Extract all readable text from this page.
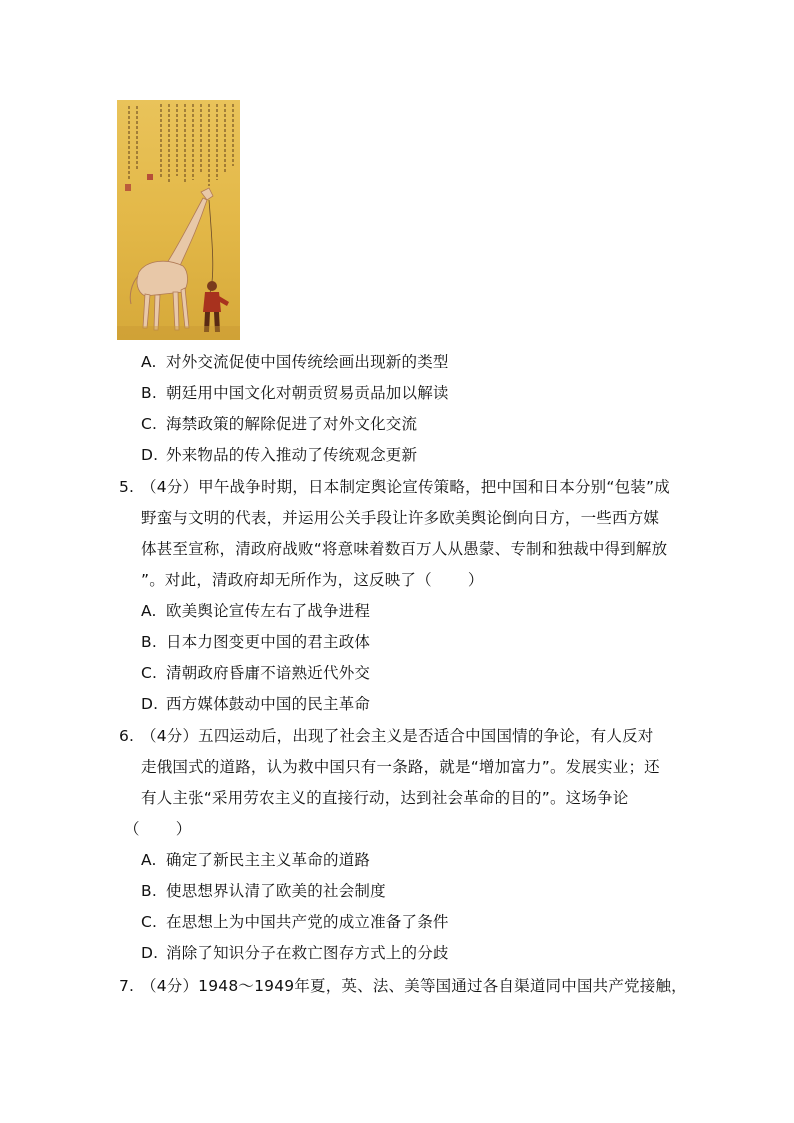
A. 对外交流促使中国传统绘画出现新的类型
B. 朝廷用中国文化对朝贡贸易贡品加以解读
C. 海禁政策的解除促进了对外文化交流
D. 外来物品的传入推动了传统观念更新
5. （4分）甲午战争时期，日本制定舆论宣传策略，把中国和日本分别“包装”成
野蛮与文明的代表，并运用公关手段让许多欧美舆论倒向日方，一些西方媒
体甚至宣称，清政府战败“将意味着数百万人从愚蒙、专制和独裁中得到解放
”。对此，清政府却无所作为，这反映了（ ）
A. 欧美舆论宣传左右了战争进程
B. 日本力图变更中国的君主政体
C. 清朝政府昏庸不谙熟近代外交
D. 西方媒体鼓动中国的民主革命
6. （4分）五四运动后，出现了社会主义是否适合中国国情的争论，有人反对
走俄国式的道路，认为救中国只有一条路，就是“增加富力”。发展实业；还
有人主张“采用劳农主义的直接行动，达到社会革命的目的”。这场争论
（ ）
A. 确定了新民主主义革命的道路
B. 使思想界认清了欧美的社会制度
C. 在思想上为中国共产党的成立准备了条件
D. 消除了知识分子在救亡图存方式上的分歧
7. （4分）1948～1949年夏，英、法、美等国通过各自渠道同中国共产党接触，
